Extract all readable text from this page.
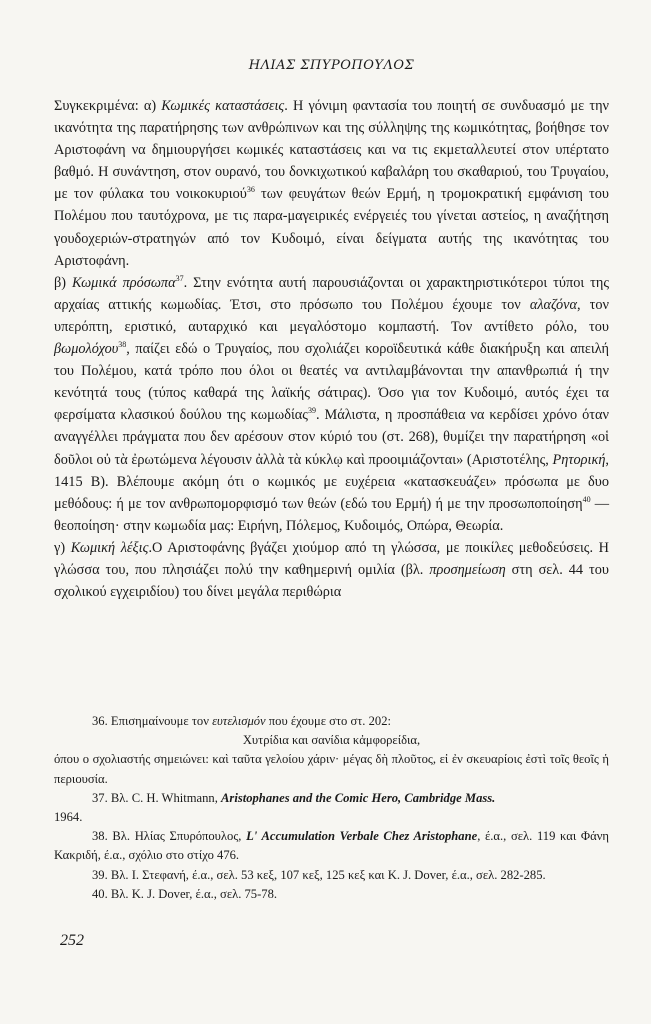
ΗΛΙΑΣ ΣΠΥΡΟΠΟΥΛΟΣ

Συγκεκριμένα: α) Κωμικές καταστάσεις. Η γόνιμη φαντασία του ποιητή σε συνδυασμό με την ικανότητα της παρατήρησης των ανθρώπινων και της σύλληψης της κωμικότητας, βοήθησε τον Αριστοφάνη να δημιουργήσει κωμικές καταστάσεις και να τις εκμεταλλευτεί στον υπέρτατο βαθμό. Η συνάντηση, στον ουρανό, του δονκιχωτικού καβαλάρη του σκαθαριού, του Τρυγαίου, με τον φύλακα του νοικοκυριού$^{36}$ των φευγάτων θεών Ερμή, η τρομοκρατική εμφάνιση του Πολέμου που ταυτόχρονα, με τις παρα-μαγειρικές ενέργειές του γίνεται αστείος, η αναζήτηση γουδοχεριών-στρατηγών από τον Κυδοιμό, είναι δείγματα αυτής της ικανότητας του Αριστοφάνη.

β) Κωμικά πρόσωπα$^{37}$. Στην ενότητα αυτή παρουσιάζονται οι χαρακτηριστικότεροι τύποι της αρχαίας αττικής κωμωδίας. Έτσι, στο πρόσωπο του Πολέμου έχουμε τον αλαζόνα, τον υπερόπτη, εριστικό, αυταρχικό και μεγαλόστομο κομπαστή. Τον αντίθετο ρόλο, του βωμολόχου$^{38}$, παίζει εδώ ο Τρυγαίος, που σχολιάζει κοροϊδευτικά κάθε διακήρυξη και απειλή του Πολέμου, κατά τρόπο που όλοι οι θεατές να αντιλαμβάνονται την απανθρωπιά ή την κενότητά τους (τύπος καθαρά της λαϊκής σάτιρας). Όσο για τον Κυδοιμό, αυτός έχει τα φερσίματα κλασικού δούλου της κωμωδίας$^{39}$. Μάλιστα, η προσπάθεια να κερδίσει χρόνο όταν αναγγέλλει πράγματα που δεν αρέσουν στον κύριό του (στ. 268), θυμίζει την παρατήρηση «οἱ δοῦλοι οὐ τὰ ἐρωτώμενα λέγουσιν ἀλλὰ τὰ κύκλῳ καὶ προοιμιάζονται» (Αριστοτέλης, Ρητορική, 1415 Β). Βλέπουμε ακόμη ότι ο κωμικός με ευχέρεια «κατασκευάζει» πρόσωπα με δυο μεθόδους: ή με τον ανθρωπομορφισμό των θεών (εδώ του Ερμή) ή με την προσωποποίηση$^{40}$ — θεοποίηση· στην κωμωδία μας: Ειρήνη, Πόλεμος, Κυδοιμός, Οπώρα, Θεωρία.

γ) Κωμική λέξις.Ο Αριστοφάνης βγάζει χιούμορ από τη γλώσσα, με ποικίλες μεθοδεύσεις. Η γλώσσα του, που πλησιάζει πολύ την καθημερινή ομιλία (βλ. προσημείωση στη σελ. 44 του σχολικού εγχειριδίου) του δίνει μεγάλα περιθώρια

36. Επισημαίνουμε τον ευτελισμόν που έχουμε στο στ. 202:

Χυτρίδια και σανίδια κἀμφορείδια,

όπου ο σχολιαστής σημειώνει: καὶ ταῦτα γελοίου χάριν· μέγας δὴ πλοῦτος, εἰ ἐν σκευαρίοις ἐστὶ τοῖς θεοῖς ἡ περιουσία.

37. Βλ. C. H. Whitmann, Aristophanes and the Comic Hero, Cambridge Mass.

1964.

38. Βλ. Ηλίας Σπυρόπουλος, L' Accumulation Verbale Chez Aristophane, έ.α., σελ. 119 και Φάνη Κακριδή, έ.α., σχόλιο στο στίχο 476.

39. Βλ. Ι. Στεφανή, έ.α., σελ. 53 κεξ, 107 κεξ, 125 κεξ και K. J. Dover, έ.α., σελ. 282-285.

40. Βλ. K. J. Dover, έ.α., σελ. 75-78.

252
